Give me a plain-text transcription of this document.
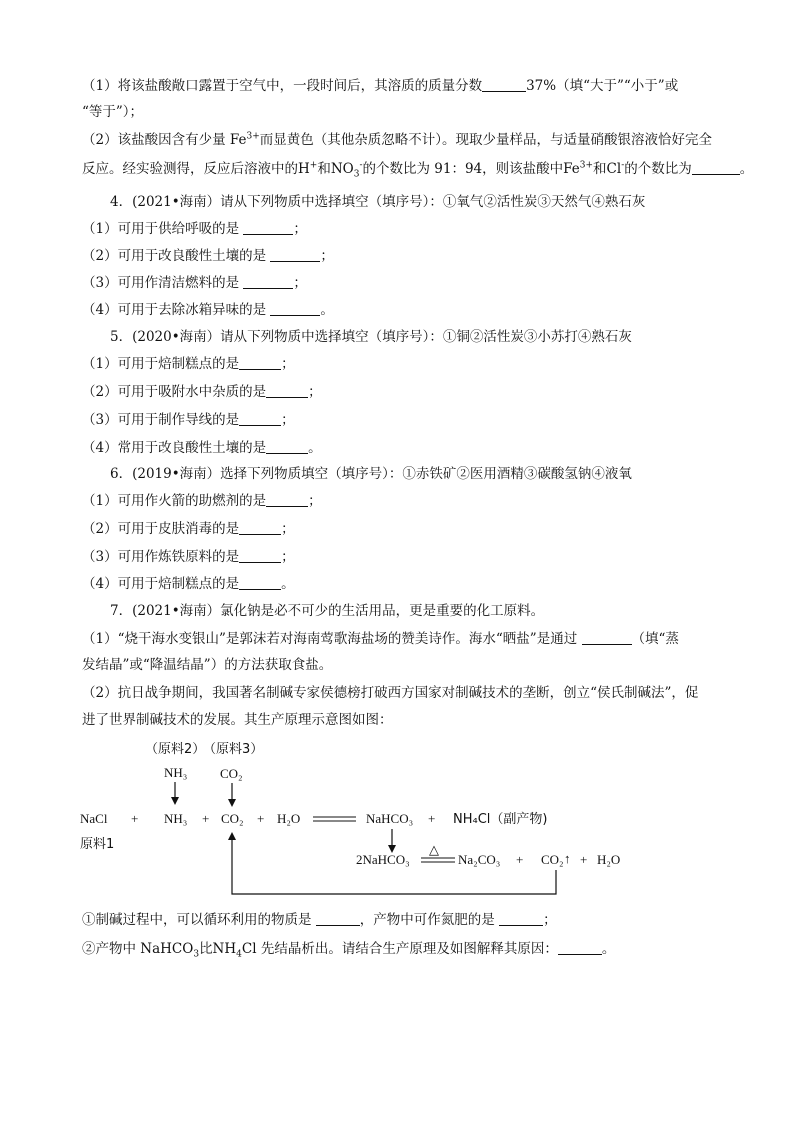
（1）将该盐酸敞口露置于空气中，一段时间后，其溶质的质量分数	37%（填“大于”“小于”或
“等于”）；
（2）该盐酸因含有少量 $Fe^{3+}$而显黄色（其他杂质忽略不计）。现取少量样品，与适量硝酸银溶液恰好完全
反应。经实验测得，反应后溶液中的H+和$NO_3^-$的个数比为 91：94，则该盐酸中$Fe^{3+}$和Cl-的个数比为	。
4．(2021•海南）请从下列物质中选择填空（填序号）：①氧气②活性炭③天然气④熟石灰
（1）可用于供给呼吸的是	；
（2）可用于改良酸性土壤的是	；
（3）可用作清洁燃料的是	；
（4）可用于去除冰箱异味的是	。
5．(2020•海南）请从下列物质中选择填空（填序号）：①铜②活性炭③小苏打④熟石灰
（1）可用于焙制糕点的是	；
（2）可用于吸附水中杂质的是	；
（3）可用于制作导线的是	；
（4）常用于改良酸性土壤的是	。
6．(2019•海南）选择下列物质填空（填序号）：①赤铁矿②医用酒精③碳酸氢钠④液氧
（1）可用作火箭的助燃剂的是	；
（2）可用于皮肤消毒的是	；
（3）可用作炼铁原料的是	；
（4）可用于焙制糕点的是	。
7．(2021•海南）氯化钠是必不可少的生活用品，更是重要的化工原料。
（1）“烧干海水变银山”是郭沫若对海南莺歌海盐场的赞美诗作。海水“晒盐”是通过	（填“蒸
发结晶”或“降温结晶”）的方法获取食盐。
（2）抗日战争期间，我国著名制碱专家侯德榜打破西方国家对制碱技术的垄断，创立“侯氏制碱法”，促
进了世界制碱技术的发展。其生产原理示意图如图：
（原料2）
（原料3）
NH₃	CO₂
NaCl + NH₃ + CO₂ + H₂O	NaHCO₃ + NH₄Cl（副产物)
原料1
2NaHCO₃
△
Na₂CO₃ + CO₂ ↑ + H₂O
①制碱过程中，可以循环利用的物质是	，产物中可作氮肥的是	；
②产物中 NaHCO$_3$比$NH_4Cl$ 先结晶析出。请结合生产原理及如图解释其原因：	。
